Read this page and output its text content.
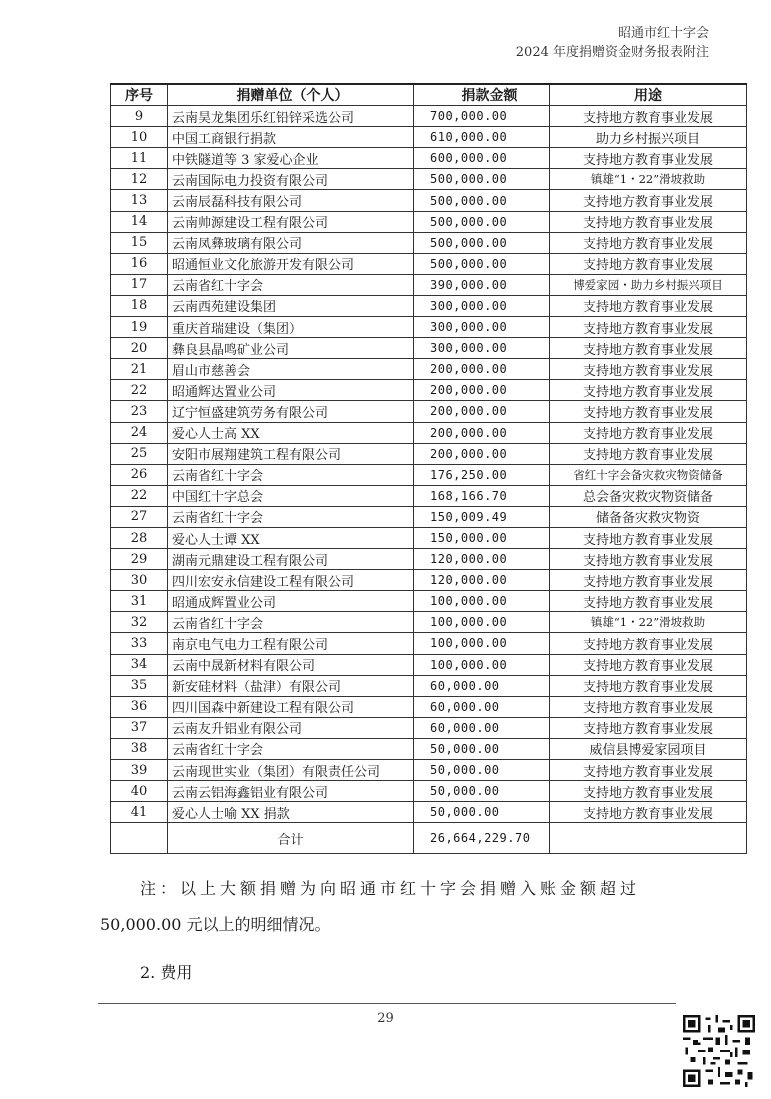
昭通市红十字会
2024 年度捐赠资金财务报表附注
序号	捐赠单位（个人）	捐款金额	用途
9	云南昊龙集团乐红铅锌采选公司	700,000.00	支持地方教育事业发展
10	中国工商银行捐款	610,000.00	助力乡村振兴项目
11	中铁隧道等 3 家爱心企业	600,000.00	支持地方教育事业发展
12	云南国际电力投资有限公司	500,000.00	镇雄“1・22”滑坡救助
13	云南辰磊科技有限公司	500,000.00	支持地方教育事业发展
14	云南帅源建设工程有限公司	500,000.00	支持地方教育事业发展
15	云南凤彝玻璃有限公司	500,000.00	支持地方教育事业发展
16	昭通恒业文化旅游开发有限公司	500,000.00	支持地方教育事业发展
17	云南省红十字会	390,000.00	博爱家园・助力乡村振兴项目
18	云南西苑建设集团	300,000.00	支持地方教育事业发展
19	重庆首瑞建设（集团）	300,000.00	支持地方教育事业发展
20	彝良县晶鸣矿业公司	300,000.00	支持地方教育事业发展
21	眉山市慈善会	200,000.00	支持地方教育事业发展
22	昭通辉达置业公司	200,000.00	支持地方教育事业发展
23	辽宁恒盛建筑劳务有限公司	200,000.00	支持地方教育事业发展
24	爱心人士高 XX	200,000.00	支持地方教育事业发展
25	安阳市展翔建筑工程有限公司	200,000.00	支持地方教育事业发展
26	云南省红十字会	176,250.00	省红十字会备灾救灾物资储备
22	中国红十字总会	168,166.70	总会备灾救灾物资储备
27	云南省红十字会	150,009.49	储备备灾救灾物资
28	爱心人士谭 XX	150,000.00	支持地方教育事业发展
29	湖南元鼎建设工程有限公司	120,000.00	支持地方教育事业发展
30	四川宏安永信建设工程有限公司	120,000.00	支持地方教育事业发展
31	昭通成辉置业公司	100,000.00	支持地方教育事业发展
32	云南省红十字会	100,000.00	镇雄“1・22”滑坡救助
33	南京电气电力工程有限公司	100,000.00	支持地方教育事业发展
34	云南中晟新材料有限公司	100,000.00	支持地方教育事业发展
35	新安硅材料（盐津）有限公司	60,000.00	支持地方教育事业发展
36	四川国森中新建设工程有限公司	60,000.00	支持地方教育事业发展
37	云南友升铝业有限公司	60,000.00	支持地方教育事业发展
38	云南省红十字会	50,000.00	威信县博爱家园项目
39	云南现世实业（集团）有限责任公司	50,000.00	支持地方教育事业发展
40	云南云铝海鑫铝业有限公司	50,000.00	支持地方教育事业发展
41	爱心人士喻 XX 捐款	50,000.00	支持地方教育事业发展
	合计	26,664,229.70	
注：以上大额捐赠为向昭通市红十字会捐赠入账金额超过
50,000.00 元以上的明细情况。
2. 费用
29
